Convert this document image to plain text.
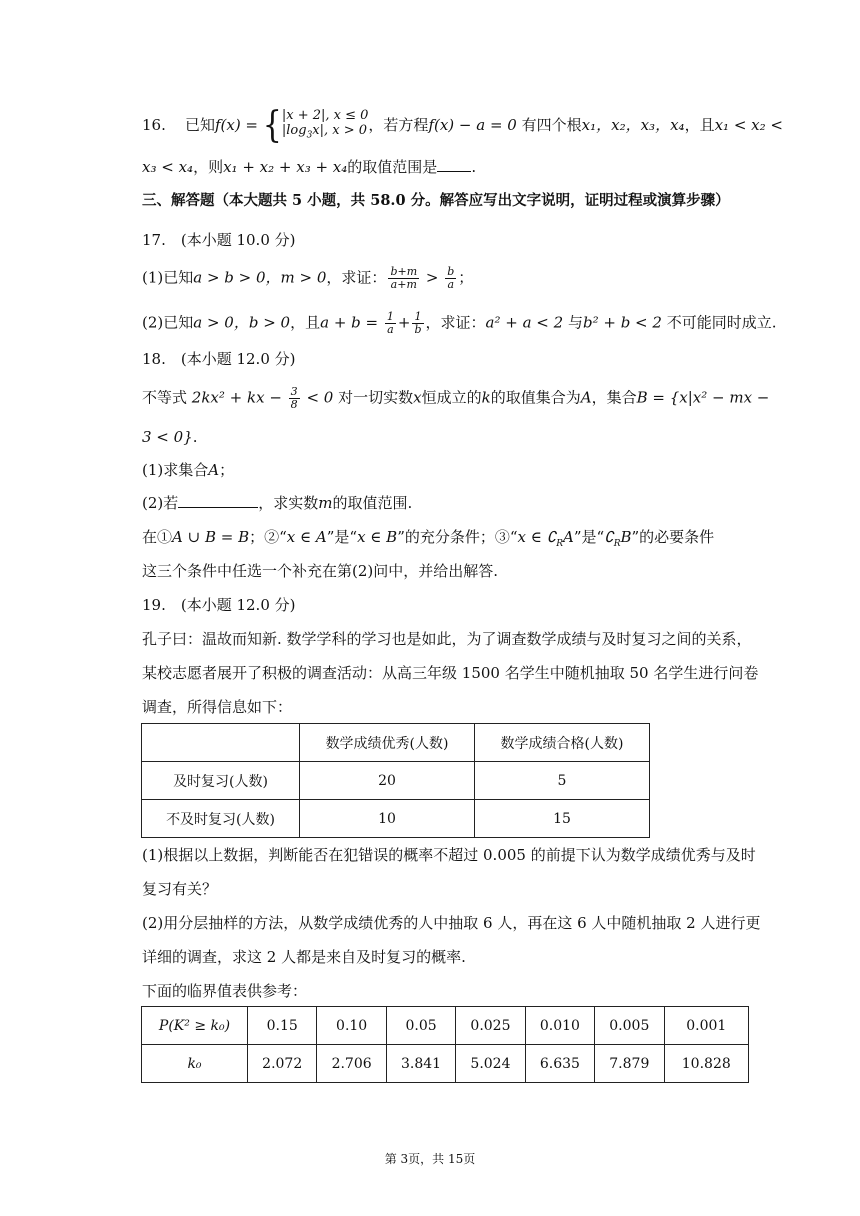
16. 已知f(x) = { |x + 2|, x ≤ 0
$|\log_3x|$, x > 0 ，若方程f(x) − a = 0 有四个根x₁，x₂，x₃，x₄，且x₁ < x₂ <
x₃ < x₄，则x₁ + x₂ + x₃ + x₄的取值范围是 .
三、解答题（本大题共 5 小题，共 58.0 分。解答应写出文字说明，证明过程或演算步骤）
17.　(本小题 10.0 分)
(1)已知a > b > 0，m > 0，求证： $\frac{b+m}{a+m} > \frac{b}{a}$ ；
(2)已知a > 0，b > 0，且$a + b = \frac{1}{a} + \frac{1}{b}$ ，求证：a² + a < 2 与b² + b < 2 不可能同时成立.
18.　(本小题 12.0 分)
不等式 2kx² + kx − $\frac{3}{8} < 0$ 对一切实数x恒成立的k的取值集合为A，集合B = {x|x² − mx −
3 < 0}.
(1)求集合A；
(2)若	，求实数m的取值范围.
在①A ∪ B = B；②“x ∈ A”是“x ∈ B”的充分条件；③“x ∈ $∁_RA$”是“$∁_RB$”的必要条件
这三个条件中任选一个补充在第(2)问中，并给出解答.
19.　(本小题 12.0 分)
孔子曰：温故而知新. 数学学科的学习也是如此，为了调查数学成绩与及时复习之间的关系，
某校志愿者展开了积极的调查活动：从高三年级 1500 名学生中随机抽取 50 名学生进行问卷
调查，所得信息如下：
	数学成绩优秀(人数)	数学成绩合格(人数)
及时复习(人数)	20	5
不及时复习(人数)	10	15
(1)根据以上数据，判断能否在犯错误的概率不超过 0.005 的前提下认为数学成绩优秀与及时
复习有关？
(2)用分层抽样的方法，从数学成绩优秀的人中抽取 6 人，再在这 6 人中随机抽取 2 人进行更
详细的调查，求这 2 人都是来自及时复习的概率.
下面的临界值表供参考：
P(K² ≥ k₀)	0.15	0.10	0.05	0.025	0.010	0.005	0.001
k₀	2.072	2.706	3.841	5.024	6.635	7.879	10.828
第 3页，共 15页
